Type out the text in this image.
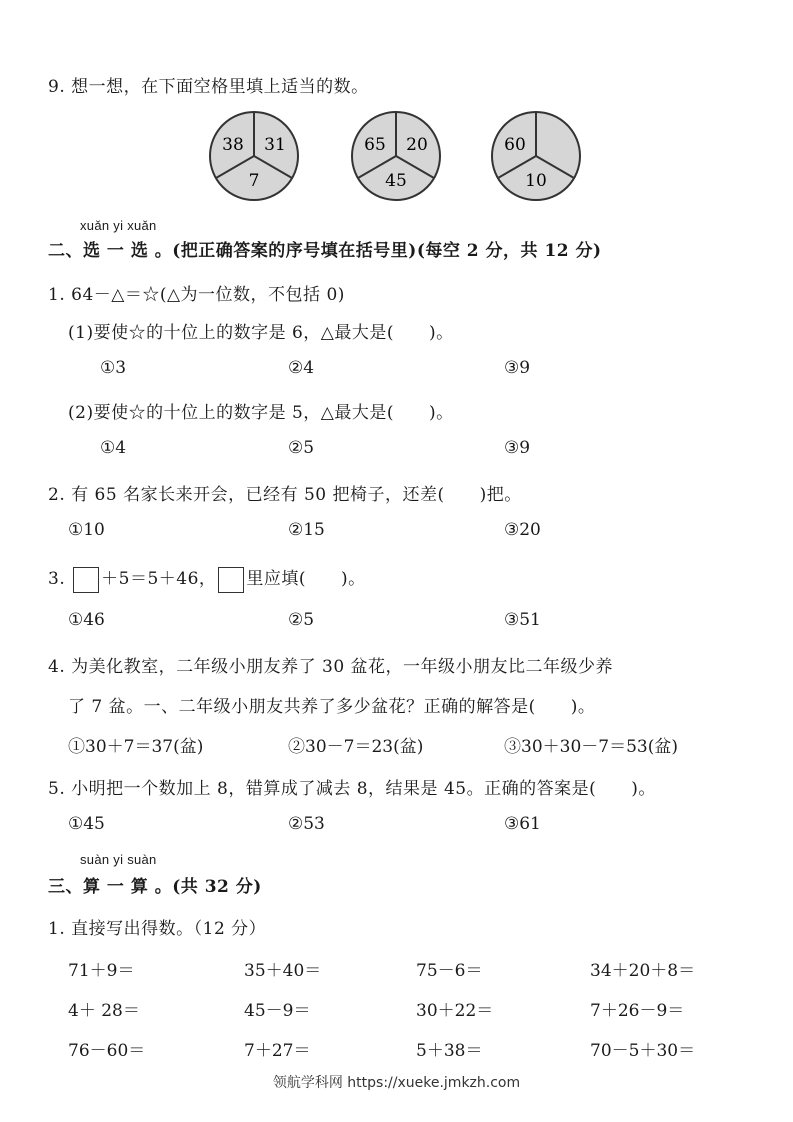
9. 想一想，在下面空格里填上适当的数。
38 31
7
65 20
45
60
10
xuǎn yi xuǎn
二、选 一 选 。(把正确答案的序号填在括号里)(每空 2 分，共 12 分)
1. 64－△＝☆(△为一位数，不包括 0)
(1)要使☆的十位上的数字是 6，△最大是(　　)。
①3	②4	③9
(2)要使☆的十位上的数字是 5，△最大是(　　)。
①4	②5	③9
2. 有 65 名家长来开会，已经有 50 把椅子，还差(　　)把。
①10	②15	③20
3. ＋5＝5＋46， 里应填(　　)。
①46	②5	③51
4. 为美化教室，二年级小朋友养了 30 盆花，一年级小朋友比二年级少养
了 7 盆。一、二年级小朋友共养了多少盆花？正确的解答是(　　)。
①30＋7＝37(盆)	②30－7＝23(盆)	③30＋30－7＝53(盆)
5. 小明把一个数加上 8，错算成了减去 8，结果是 45。正确的答案是(　　)。
①45	②53	③61
suàn yi suàn
三、算 一 算 。(共 32 分)
1. 直接写出得数。（12 分）
71＋9＝	35＋40＝	75－6＝	34＋20＋8＝
4＋ 28＝	45－9＝	30＋22＝	7＋26－9＝
76－60＝	7＋27＝	5＋38＝	70－5＋30＝
领航学科网 https://xueke.jmkzh.com
